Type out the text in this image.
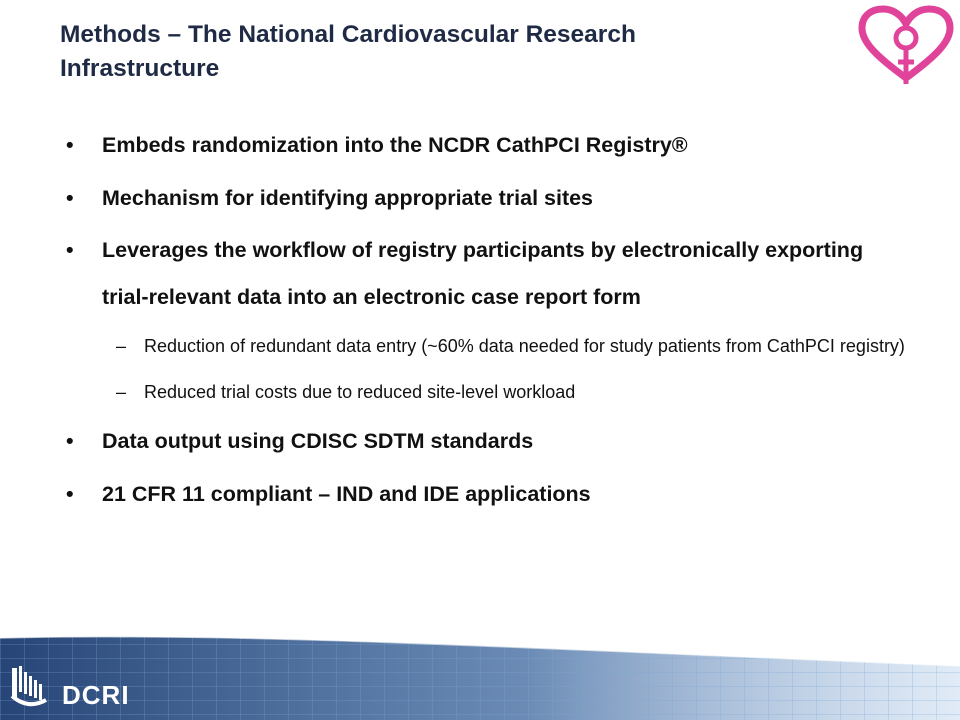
Methods – The National Cardiovascular Research
Infrastructure
• Embeds randomization into the NCDR CathPCI Registry®
• Mechanism for identifying appropriate trial sites
• Leverages the workflow of registry participants by electronically exporting trial-relevant data into an electronic case report form
– Reduction of redundant data entry (~60% data needed for study patients from CathPCI registry)
– Reduced trial costs due to reduced site-level workload
• Data output using CDISC SDTM standards
• 21 CFR 11 compliant – IND and IDE applications
DCRI
